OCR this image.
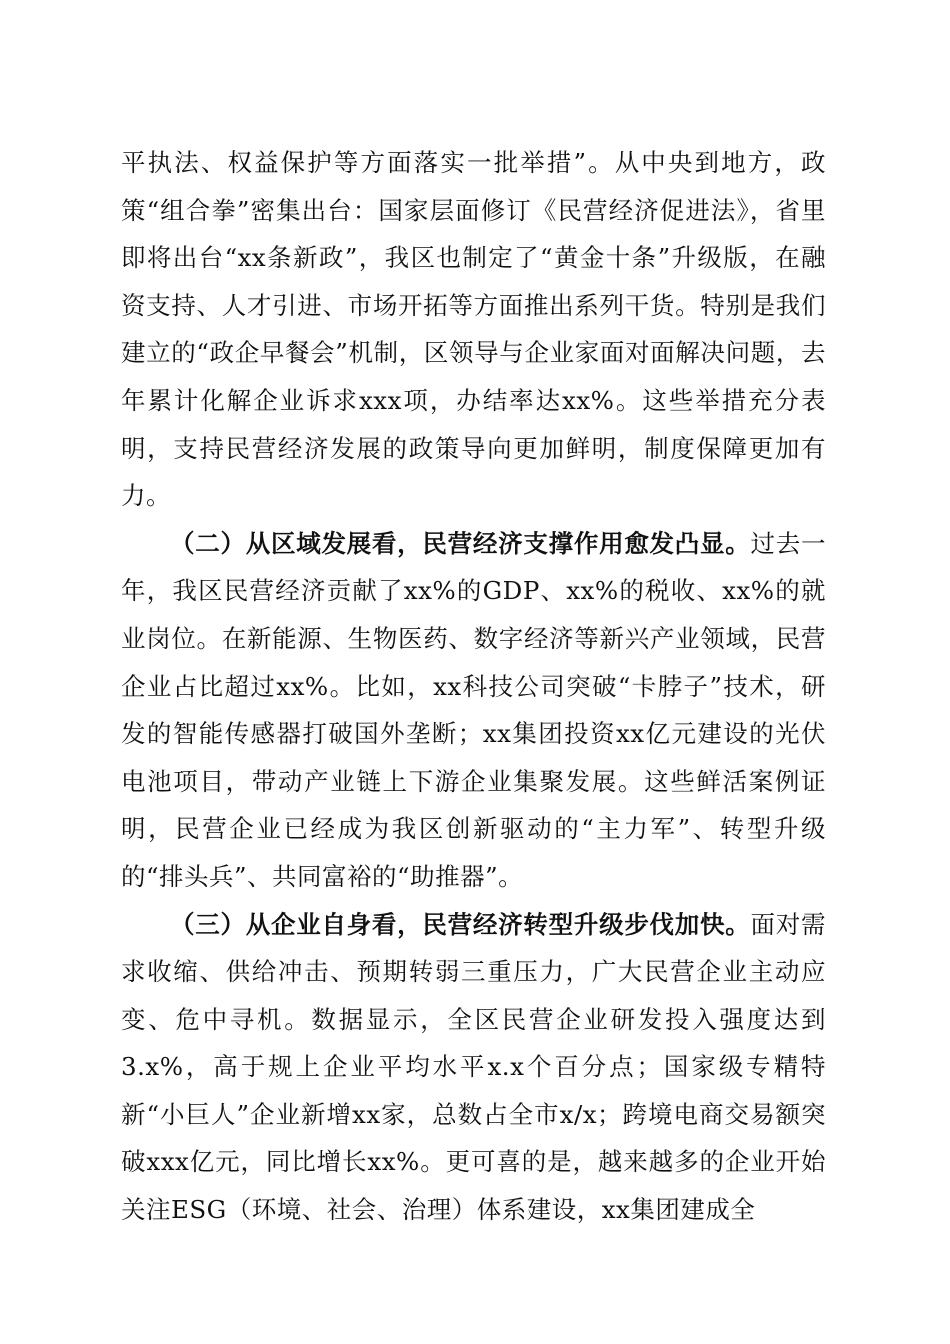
平执法、权益保护等方面落实一批举措”。从中央到地方，政策“组合拳”密集出台：国家层面修订《民营经济促进法》，省里即将出台“xx条新政”，我区也制定了“黄金十条”升级版，在融资支持、人才引进、市场开拓等方面推出系列干货。特别是我们建立的“政企早餐会”机制，区领导与企业家面对面解决问题，去年累计化解企业诉求xxx项，办结率达xx%。这些举措充分表明，支持民营经济发展的政策导向更加鲜明，制度保障更加有力。

（二）从区域发展看，民营经济支撑作用愈发凸显。过去一年，我区民营经济贡献了xx%的GDP、xx%的税收、xx%的就业岗位。在新能源、生物医药、数字经济等新兴产业领域，民营企业占比超过xx%。比如，xx科技公司突破“卡脖子”技术，研发的智能传感器打破国外垄断；xx集团投资xx亿元建设的光伏电池项目，带动产业链上下游企业集聚发展。这些鲜活案例证明，民营企业已经成为我区创新驱动的“主力军”、转型升级的“排头兵”、共同富裕的“助推器”。

（三）从企业自身看，民营经济转型升级步伐加快。面对需求收缩、供给冲击、预期转弱三重压力，广大民营企业主动应变、危中寻机。数据显示，全区民营企业研发投入强度达到3.x%，高于规上企业平均水平x.x个百分点；国家级专精特新“小巨人”企业新增xx家，总数占全市x/x；跨境电商交易额突破xxx亿元，同比增长xx%。更可喜的是，越来越多的企业开始关注ESG（环境、社会、治理）体系建设，xx集团建成全
